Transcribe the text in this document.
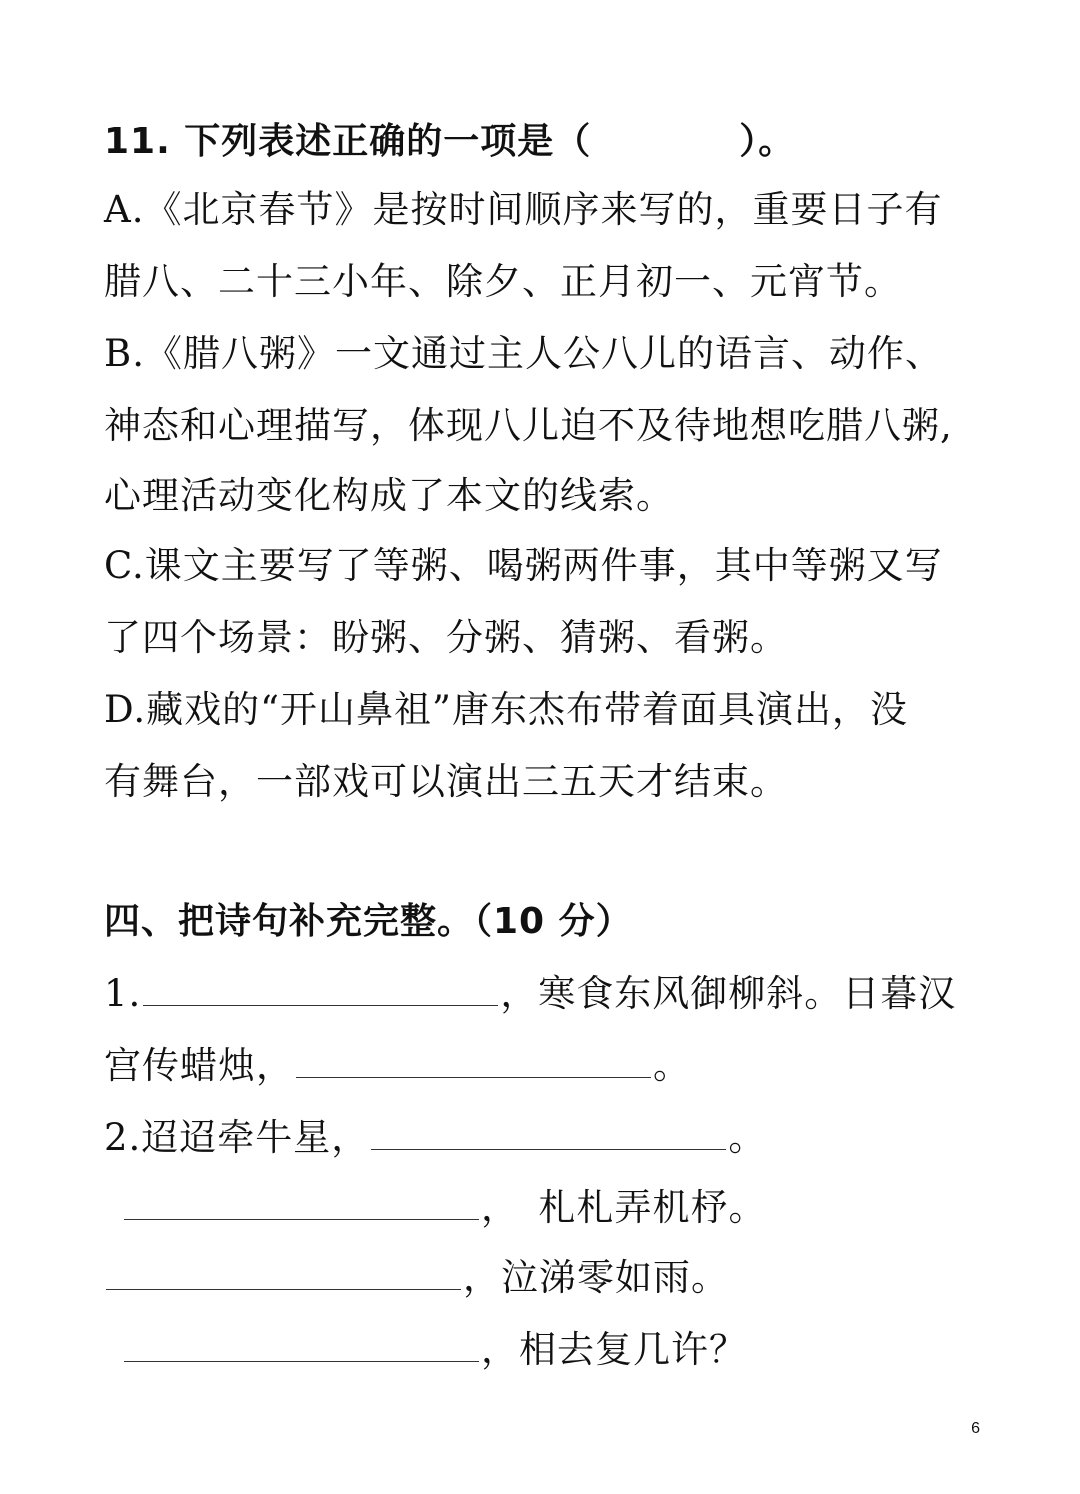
11. 下列表述正确的一项是（　　　　）。
A.《北京春节》是按时间顺序来写的，重要日子有
腊八、二十三小年、除夕、正月初一、元宵节。
B.《腊八粥》一文通过主人公八儿的语言、动作、
神态和心理描写，体现八儿迫不及待地想吃腊八粥,
心理活动变化构成了本文的线索。
C.课文主要写了等粥、喝粥两件事，其中等粥又写
了四个场景：盼粥、分粥、猜粥、看粥。
D.藏戏的“开山鼻祖”唐东杰布带着面具演出，没
有舞台，一部戏可以演出三五天才结束。
四、把诗句补充完整。（10 分）
1.	，寒食东风御柳斜。日暮汉
宫传蜡烛，	。
2.迢迢牵牛星，	。
，　札札弄机杼。
，泣涕零如雨。
，相去复几许？
6
